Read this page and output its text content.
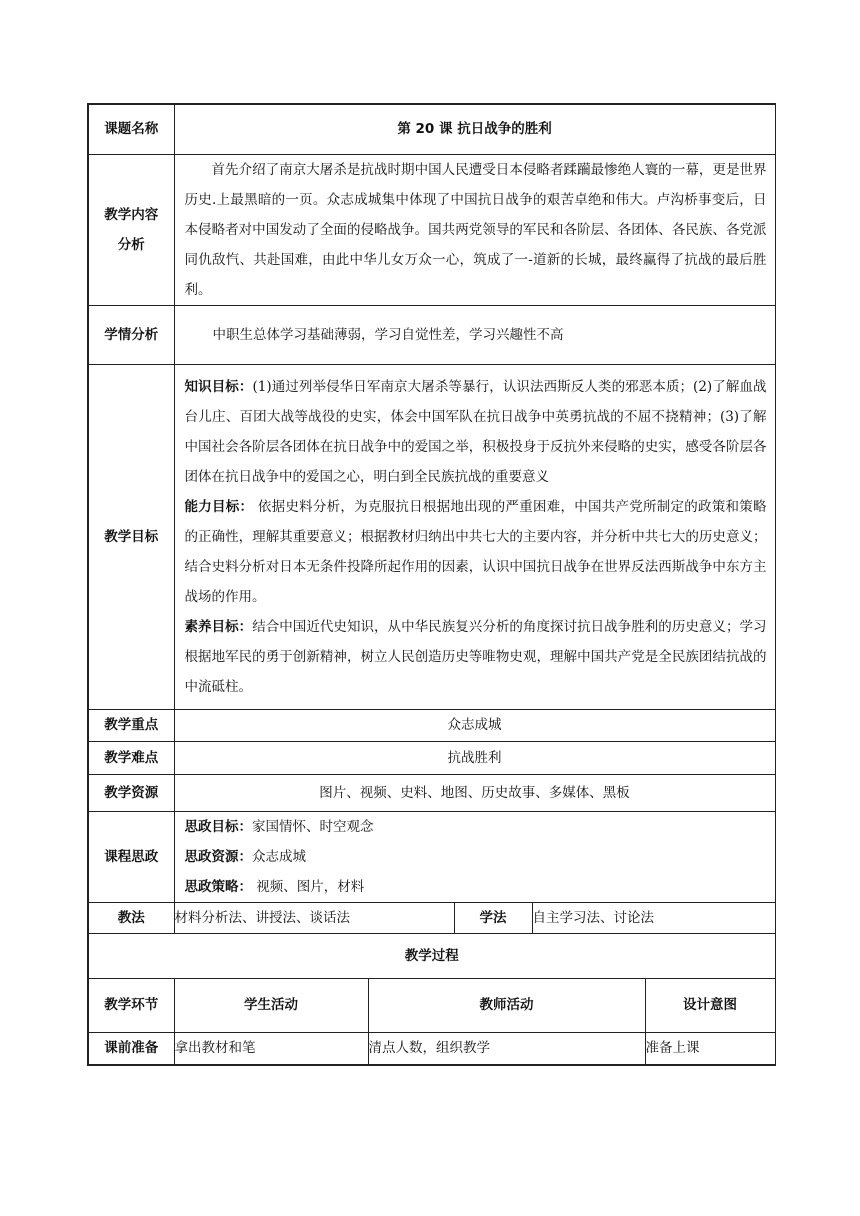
课题名称	第 20 课 抗日战争的胜利				
教学内容分析	首先介绍了南京大屠杀是抗战时期中国人民遭受日本侵略者蹂躏最惨绝人寰的一幕，更是世界历史.上最黑暗的一页。众志成城集中体现了中国抗日战争的艰苦卓绝和伟大。卢沟桥事变后，日本侵略者对中国发动了全面的侵略战争。国共两党领导的军民和各阶层、各团体、各民族、各党派同仇敌忾、共赴国难，由此中华儿女万众一心，筑成了一-道新的长城，最终赢得了抗战的最后胜利。				

学情分析	中职生总体学习基础薄弱，学习自觉性差，学习兴趣性不高				

教学目标	知识目标：(1)通过列举侵华日军南京大屠杀等暴行，认识法西斯反人类的邪恶本质；(2)了解血战台儿庄、百团大战等战役的史实，体会中国军队在抗日战争中英勇抗战的不屈不挠精神；(3)了解中国社会各阶层各团体在抗日战争中的爱国之举，积极投身于反抗外来侵略的史实，感受各阶层各团体在抗日战争中的爱国之心，明白到全民族抗战的重要意义
能力目标： 依据史料分析，为克服抗日根据地出现的严重困难，中国共产党所制定的政策和策略的正确性，理解其重要意义；根据教材归纳出中共七大的主要内容，并分析中共七大的历史意义；结合史料分析对日本无条件投降所起作用的因素，认识中国抗日战争在世界反法西斯战争中东方主战场的作用。
素养目标：结合中国近代史知识，从中华民族复兴分析的角度探讨抗日战争胜利的历史意义；学习根据地军民的勇于创新精神，树立人民创造历史等唯物史观，理解中国共产党是全民族团结抗战的中流砥柱。				

教学重点	众志成城				
教学难点	抗战胜利				
教学资源	图片、视频、史料、地图、历史故事、多媒体、黑板				
课程思政	思政目标：家国情怀、时空观念
思政资源：众志成城
思政策略： 视频、图片，材料				

教法	材料分析法、讲授法、谈话法		学法	自主学习法、讨论法	
教学过程					
教学环节	学生活动	教师活动			设计意图
课前准备	拿出教材和笔	清点人数，组织教学			准备上课
